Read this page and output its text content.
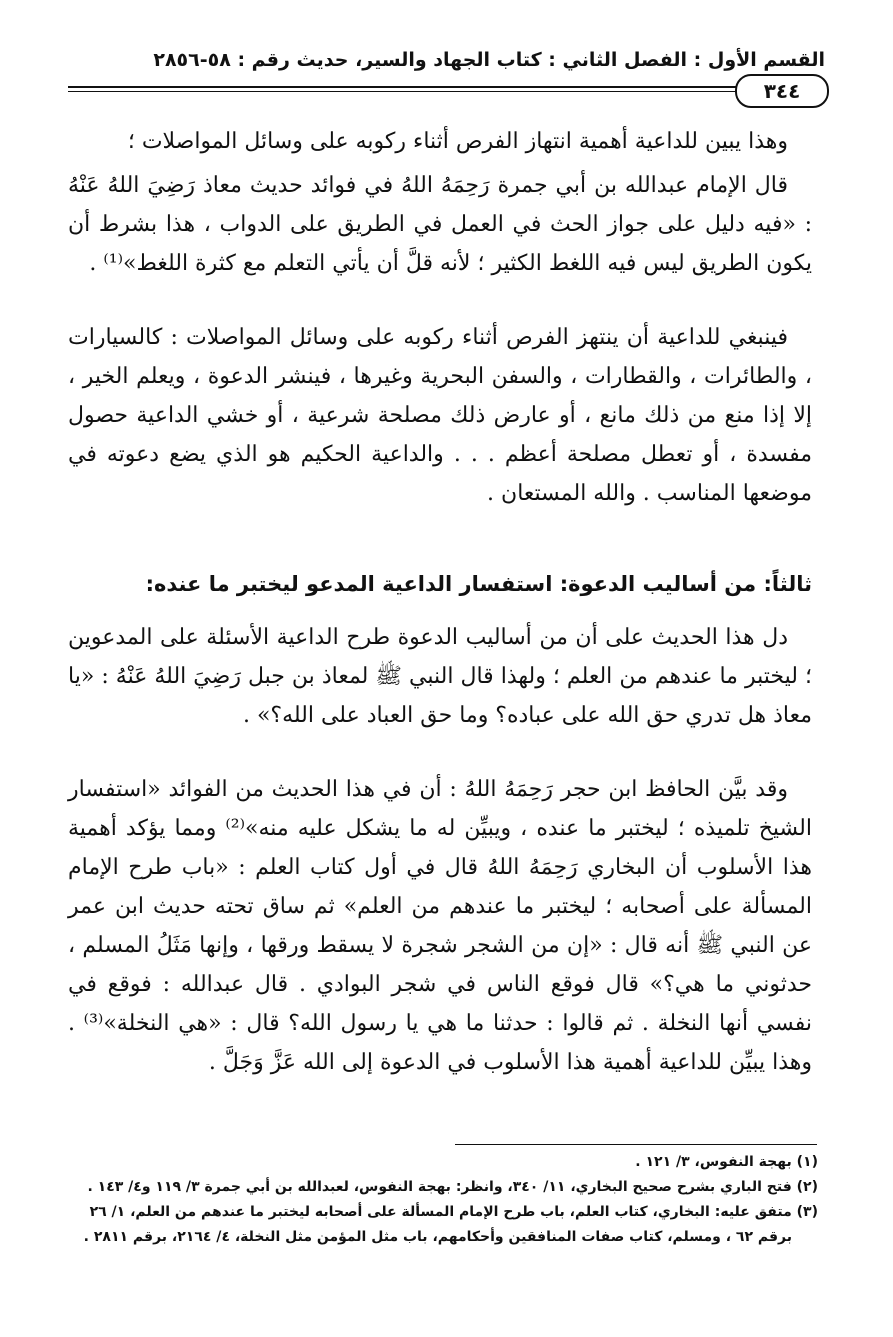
القسم الأول : الفصل الثاني : كتاب الجهاد والسير، حديث رقم : ٥٨-٢٨٥٦
٣٤٤

وهذا يبين للداعية أهمية انتهاز الفرص أثناء ركوبه على وسائل المواصلات ؛

قال الإمام عبدالله بن أبي جمرة رَحِمَهُ اللهُ في فوائد حديث معاذ رَضِيَ اللهُ عَنْهُ : «فيه دليل على جواز الحث في العمل في الطريق على الدواب ، هذا بشرط أن يكون الطريق ليس فيه اللغط الكثير ؛ لأنه قلَّ أن يأتي التعلم مع كثرة اللغط»⁽¹⁾ .

فينبغي للداعية أن ينتهز الفرص أثناء ركوبه على وسائل المواصلات : كالسيارات ، والطائرات ، والقطارات ، والسفن البحرية وغيرها ، فينشر الدعوة ، ويعلم الخير ، إلا إذا منع من ذلك مانع ، أو عارض ذلك مصلحة شرعية ، أو خشي الداعية حصول مفسدة ، أو تعطل مصلحة أعظم . . . والداعية الحكيم هو الذي يضع دعوته في موضعها المناسب . والله المستعان .

ثالثاً: من أساليب الدعوة: استفسار الداعية المدعو ليختبر ما عنده:

دل هذا الحديث على أن من أساليب الدعوة طرح الداعية الأسئلة على المدعوين ؛ ليختبر ما عندهم من العلم ؛ ولهذا قال النبي ﷺ لمعاذ بن جبل رَضِيَ اللهُ عَنْهُ : «يا معاذ هل تدري حق الله على عباده؟ وما حق العباد على الله؟» .

وقد بيَّن الحافظ ابن حجر رَحِمَهُ اللهُ : أن في هذا الحديث من الفوائد «استفسار الشيخ تلميذه ؛ ليختبر ما عنده ، ويبيِّن له ما يشكل عليه منه»⁽²⁾ ومما يؤكد أهمية هذا الأسلوب أن البخاري رَحِمَهُ اللهُ قال في أول كتاب العلم : «باب طرح الإمام المسألة على أصحابه ؛ ليختبر ما عندهم من العلم» ثم ساق تحته حديث ابن عمر عن النبي ﷺ أنه قال : «إن من الشجر شجرة لا يسقط ورقها ، وإنها مَثَلُ المسلم ، حدثوني ما هي؟» قال فوقع الناس في شجر البوادي . قال عبدالله : فوقع في نفسي أنها النخلة . ثم قالوا : حدثنا ما هي يا رسول الله؟ قال : «هي النخلة»⁽³⁾ . وهذا يبيِّن للداعية أهمية هذا الأسلوب في الدعوة إلى الله عَزَّ وَجَلَّ .

(١) بهجة النفوس، ٣/ ١٢١ .
(٢) فتح الباري بشرح صحيح البخاري، ١١/ ٣٤٠، وانظر: بهجة النفوس، لعبدالله بن أبي جمرة ٣/ ١١٩ و٤/ ١٤٣ .
(٣) متفق عليه: البخاري، كتاب العلم، باب طرح الإمام المسألة على أصحابه ليختبر ما عندهم من العلم، ١/ ٢٦
برقم ٦٢ ، ومسلم، كتاب صفات المنافقين وأحكامهم، باب مثل المؤمن مثل النخلة، ٤/ ٢١٦٤، برقم ٢٨١١ .
